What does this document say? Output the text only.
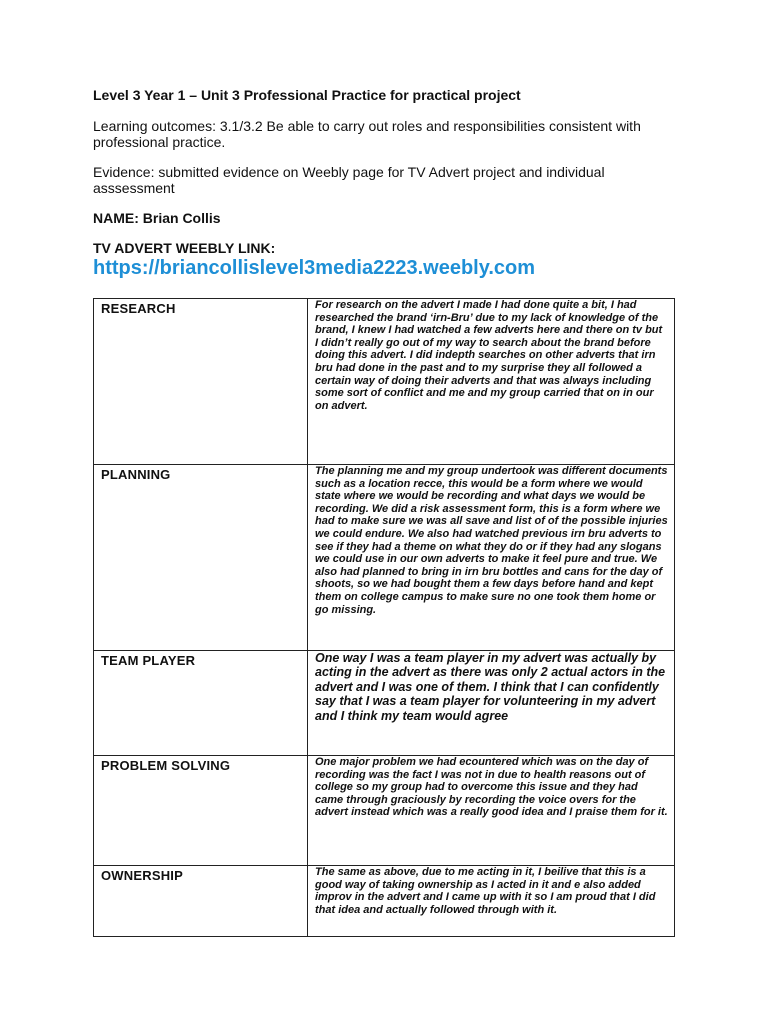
Level 3 Year 1 – Unit 3 Professional Practice for practical project
Learning outcomes: 3.1/3.2 Be able to carry out roles and responsibilities consistent with professional practice.
Evidence: submitted evidence on Weebly page for TV Advert project and individual asssessment
NAME: Brian Collis
TV ADVERT WEEBLY LINK:
https://briancollislevel3media2223.weebly.com
RESEARCH	For research on the advert I made I had done quite a bit, I had researched the brand ‘irn-Bru’ due to my lack of knowledge of the brand, I knew I had watched a few adverts here and there on tv but I didn’t really go out of my way to search about the brand before doing this advert. I did indepth searches on other adverts that irn bru had done in the past and to my surprise they all followed a certain way of doing their adverts and that was always including some sort of conflict and me and my group carried that on in our on advert.

PLANNING	The planning me and my group undertook was different documents such as a location recce, this would be a form where we would state where we would be recording and what days we would be recording. We did a risk assessment form, this is a form where we had to make sure we was all save and list of of the possible injuries we could endure. We also had watched previous irn bru adverts to see if they had a theme on what they do or if they had any slogans we could use in our own adverts to make it feel pure and true. We also had planned to bring in irn bru bottles and cans for the day of shoots, so we had bought them a few days before hand and kept them on college campus to make sure no one took them home or go missing.

TEAM PLAYER	One way I was a team player in my advert was actually by acting in the advert as there was only 2 actual actors in the advert and I was one of them. I think that I can confidently say that I was a team player for volunteering in my advert and I think my team would agree

PROBLEM SOLVING	One major problem we had ecountered which was on the day of recording was the fact I was not in due to health reasons out of college so my group had to overcome this issue and they had came through graciously by recording the voice overs for the advert instead which was a really good idea and I praise them for it.

OWNERSHIP	The same as above, due to me acting in it, I beilive that this is a good way of taking ownership as I acted in it and e also added improv in the advert and I came up with it so I am proud that I did that idea and actually followed through with it.
